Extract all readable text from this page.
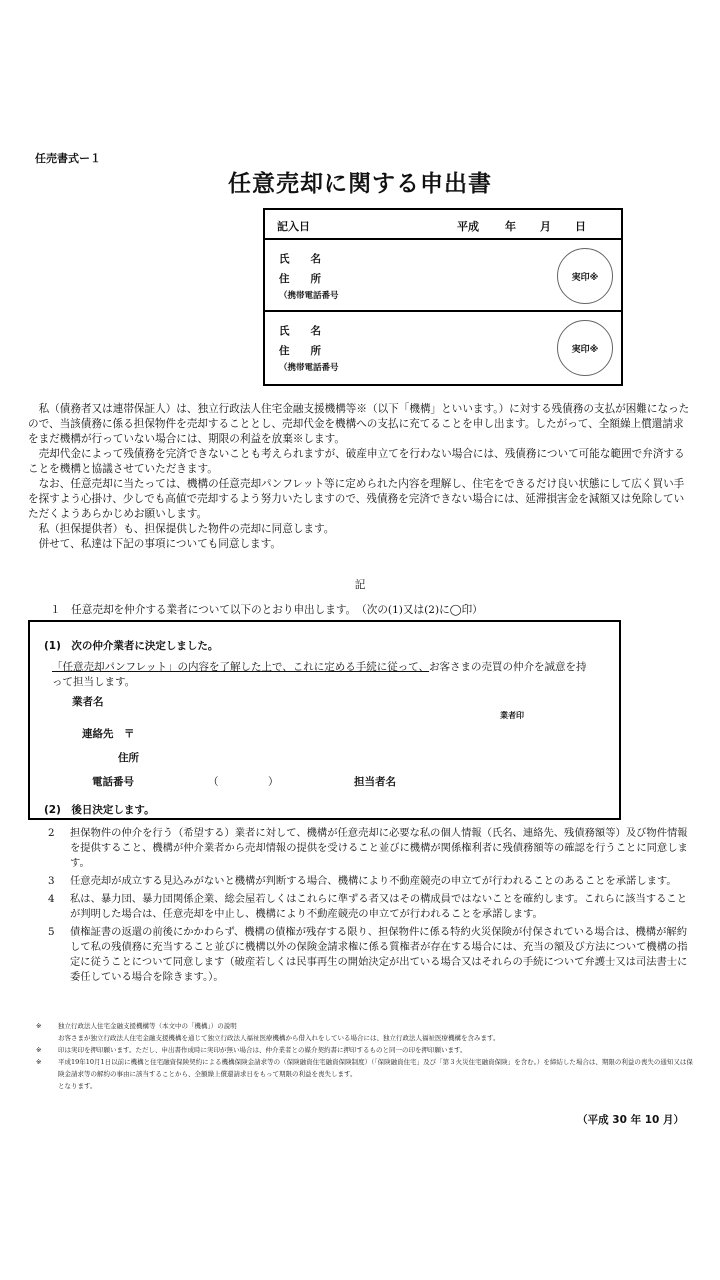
任売書式ー１
任意売却に関する申出書
記入日	平成 年 月 日
氏　　名
住　　所
（携帯電話番号
実印※
氏　　名
住　　所
（携帯電話番号
実印※

私（債務者又は連帯保証人）は、独立行政法人住宅金融支援機構等※（以下「機構」といいます。）に対する残債務の支払が困難になったので、当該債務に係る担保物件を売却することとし、売却代金を機構への支払に充てることを申し出ます。したがって、全額繰上償還請求をまだ機構が行っていない場合には、期限の利益を放棄※します。

売却代金によって残債務を完済できないことも考えられますが、破産申立てを行わない場合には、残債務について可能な範囲で弁済することを機構と協議させていただきます。

なお、任意売却に当たっては、機構の任意売却パンフレット等に定められた内容を理解し、住宅をできるだけ良い状態にして広く買い手を探すよう心掛け、少しでも高値で売却するよう努力いたしますので、残債務を完済できない場合には、延滞損害金を減額又は免除していただくようあらかじめお願いします。

私（担保提供者）も、担保提供した物件の売却に同意します。

併せて、私達は下記の事項についても同意します。

記
１　任意売却を仲介する業者について以下のとおり申出します。　（次の(1)又は(2)に◯印）
(1)　次の仲介業者に決定しました。
「任意売却パンフレット」の内容を了解した上で、これに定める手続に従って、お客さまの売買の仲介を誠意を持って担当します。
業者名
業者印
連絡先　〒
住所
電話番号	（	）	担当者名
(2)　後日決定します。
2	担保物件の仲介を行う（希望する）業者に対して、機構が任意売却に必要な私の個人情報（氏名、連絡先、残債務額等）及び物件情報を提供すること、機構が仲介業者から売却情報の提供を受けること並びに機構が関係権利者に残債務額等の確認を行うことに同意します。
3	任意売却が成立する見込みがないと機構が判断する場合、機構により不動産競売の申立てが行われることのあることを承諾します。
4	私は、暴力団、暴力団関係企業、総会屋若しくはこれらに準ずる者又はその構成員ではないことを確約します。これらに該当することが判明した場合は、任意売却を中止し、機構により不動産競売の申立てが行われることを承諾します。
5	債権証書の返還の前後にかかわらず、機構の債権が残存する限り、担保物件に係る特約火災保険が付保されている場合は、機構が解約して私の残債務に充当すること並びに機構以外の保険金請求権に係る質権者が存在する場合には、充当の額及び方法について機構の指定に従うことについて同意します（破産若しくは民事再生の開始決定が出ている場合又はそれらの手続について弁護士又は司法書士に委任している場合を除きます。）。
※	独立行政法人住宅金融支援機構等（本文中の「機構」）の説明
お客さまが独立行政法人住宅金融支援機構を通じて独立行政法人福祉医療機構から借入れをしている場合には、独立行政法人福祉医療機構を含みます。
※	印は実印を押印願います。ただし、申出書作成時に実印が無い場合は、仲介業者との媒介契約書に押印するものと同一の印を押印願います。
※	平成19年10月1日以前に機構と住宅融資保険契約による機構保険金請求等の（保険融資住宅融資保険制度）（「保険融資住宅」及び「第３火災住宅融資保険」を含む。）を締結した場合は、期限の利益の喪失の通知又は保険金請求等の解約の事由に該当することから、全額繰上償還請求日をもって期限の利益を喪失します。
となります。
（平成 30 年 10 月）
